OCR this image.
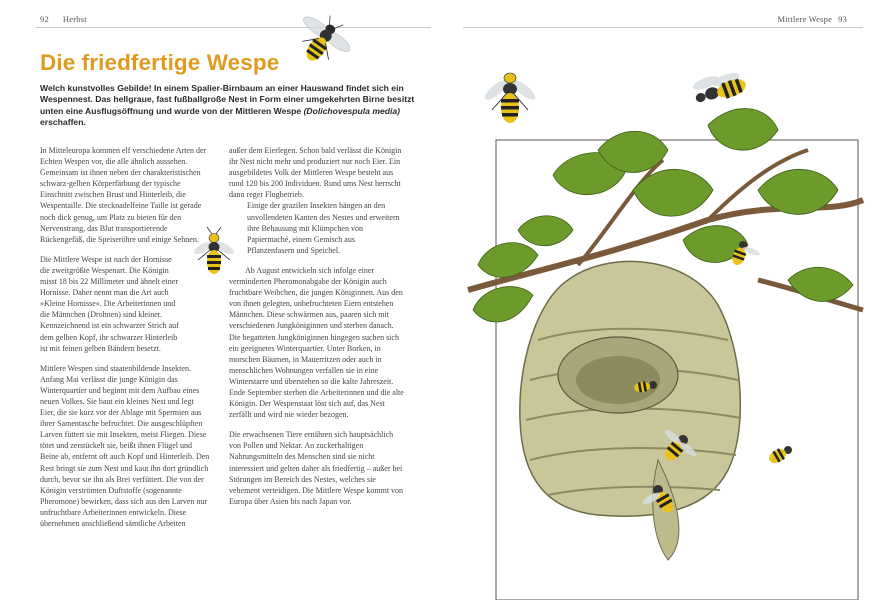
92 Herbst	Mittlere Wespe 93
Die friedfertige Wespe

Welch kunstvolles Gebilde! In einem Spalier-Birnbaum an einer Hauswand findet sich ein Wespennest. Das hellgraue, fast fußballgroße Nest in Form einer umgekehrten Birne besitzt unten eine Ausflugsöffnung und wurde von der Mittleren Wespe (Dolichovespula media) erschaffen.

In Mitteleuropa kommen elf verschiedene Arten der Echten Wespen vor, die alle ähnlich aussehen. Gemeinsam ist ihnen neben der charakteristischen schwarz-gelben Körperfärbung der typische Einschnitt zwischen Brust und Hinterleib, die Wespentaille. Die stecknadelfeine Taille ist gerade noch dick genug, um Platz zu bieten für den Nervenstrang, das Blut transportierende Rückengefäß, die Speiseröhre und einige Sehnen.

Die Mittlere Wespe ist nach der Hornisse die zweitgrößte Wespenart. Die Königin misst 18 bis 22 Millimeter und ähnelt einer Hornisse. Daher nennt man die Art auch »Kleine Hornisse«. Die Arbeiterinnen und die Männchen (Drohnen) sind kleiner. Kennzeichnend ist ein schwarzer Strich auf dem gelben Kopf, ihr schwarzer Hinterleib ist mit feinen gelben Bändern besetzt.

Mittlere Wespen sind staatenbildende Insekten. Anfang Mai verlässt die junge Königin das Winterquartier und beginnt mit dem Aufbau eines neuen Volkes. Sie baut ein kleines Nest und legt Eier, die sie kurz vor der Ablage mit Spermien aus ihrer Samentasche befruchtet. Die ausgeschlüpften Larven füttert sie mit Insekten, meist Fliegen. Diese tötet und zerstückelt sie, beißt ihnen Flügel und Beine ab, entfernt oft auch Kopf und Hinterleib. Den Rest bringt sie zum Nest und kaut ihn dort gründlich durch, bevor sie ihn als Brei verfüttert. Die von der Königin verströmten Duftstoffe (sogenannte Pheromone) bewirken, dass sich aus den Larven nur unfruchtbare Arbeiterinnen entwickeln. Diese übernehmen anschließend sämtliche Arbeiten

außer dem Eierlegen. Schon bald verlässt die Königin ihr Nest nicht mehr und produziert nur noch Eier. Ein ausgebildetes Volk der Mittleren Wespe besteht aus rund 120 bis 200 Individuen. Rund ums Nest herrscht dann reger Flugbetrieb.

Einige der grazilen Insekten hängen an den unvollendeten Kanten des Nestes und erweitern ihre Behausung mit Klümpchen von Papiermaché, einem Gemisch aus Pflanzenfasern und Speichel.

Ab August entwickeln sich infolge einer verminderten Pheromonabgabe der Königin auch fruchtbare Weibchen, die jungen Königinnen. Aus den von ihnen gelegten, unbefruchteten Eiern entstehen Männchen. Diese schwärmen aus, paaren sich mit verschiedenen Jungköniginnen und sterben danach. Die begatteten Jungköniginnen hingegen suchen sich ein geeignetes Winterquartier. Unter Borken, in morschen Bäumen, in Mauerritzen oder auch in menschlichen Wohnungen verfallen sie in eine Winterstarre und überstehen so die kalte Jahreszeit. Ende September sterben die Arbeiterinnen und die alte Königin. Der Wespenstaat löst sich auf, das Nest zerfällt und wird nie wieder bezogen.

Die erwachsenen Tiere ernähren sich hauptsächlich von Pollen und Nektar. An zuckerhaltigen Nahrungsmitteln des Menschen sind sie nicht interessiert und gelten daher als friedfertig – außer bei Störungen im Bereich des Nestes, welches sie vehement verteidigen. Die Mittlere Wespe kommt von Europa über Asien bis nach Japan vor.
